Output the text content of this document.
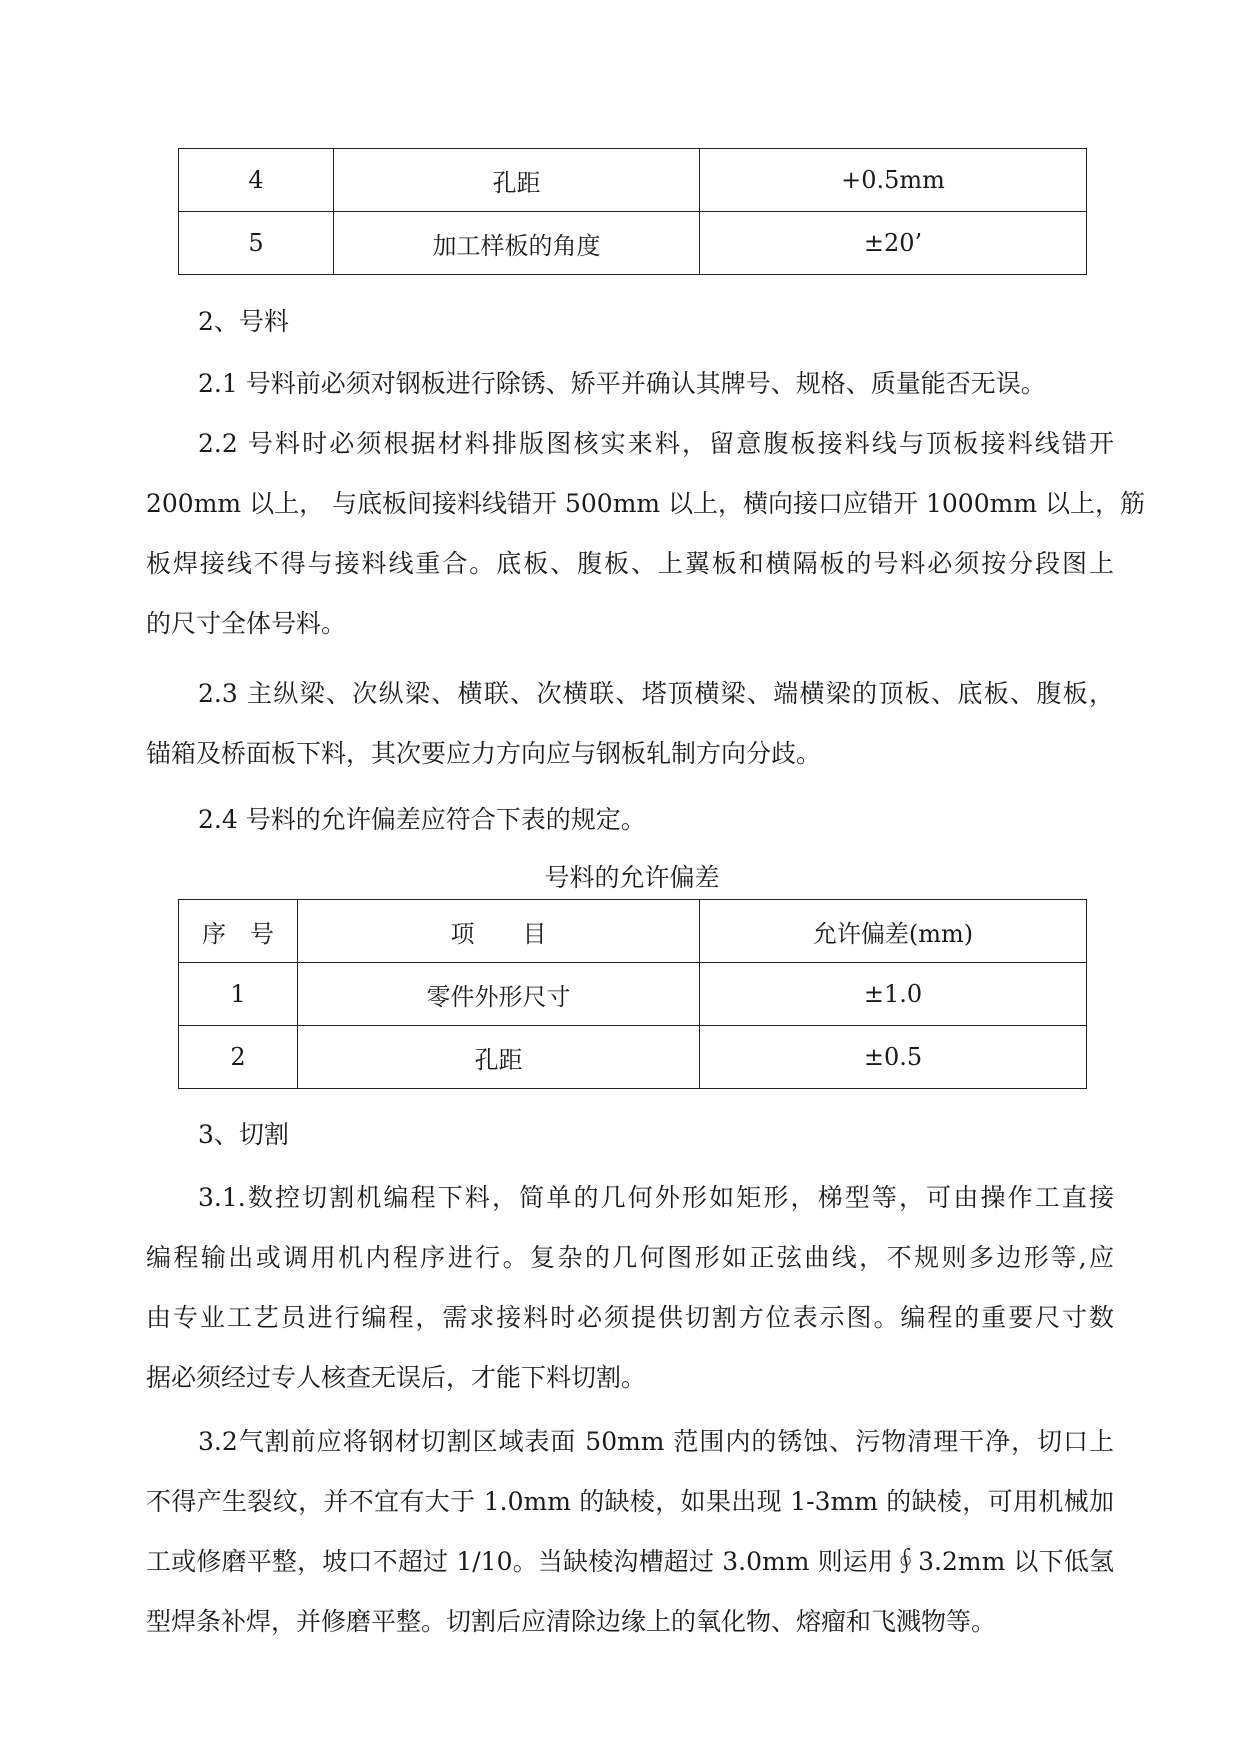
4	孔距	+0.5mm
5	加工样板的角度	±20’
2、号料
2.1 号料前必须对钢板进行除锈、矫平并确认其牌号、规格、质量能否无误。
2.2 号料时必须根据材料排版图核实来料，留意腹板接料线与顶板接料线错开
200mm 以上， 与底板间接料线错开 500mm 以上，横向接口应错开 1000mm 以上，筋
板焊接线不得与接料线重合。底板、腹板、上翼板和横隔板的号料必须按分段图上
的尺寸全体号料。
2.3 主纵梁、次纵梁、横联、次横联、塔顶横梁、端横梁的顶板、底板、腹板，
锚箱及桥面板下料，其次要应力方向应与钢板轧制方向分歧。
2.4 号料的允许偏差应符合下表的规定。
号料的允许偏差
序　号	项　　目	允许偏差(mm)
1	零件外形尺寸	±1.0
2	孔距	±0.5
3、切割
3.1.数控切割机编程下料，简单的几何外形如矩形，梯型等，可由操作工直接
编程输出或调用机内程序进行。复杂的几何图形如正弦曲线，不规则多边形等,应
由专业工艺员进行编程，需求接料时必须提供切割方位表示图。编程的重要尺寸数
据必须经过专人核查无误后，才能下料切割。
3.2气割前应将钢材切割区域表面 50mm 范围内的锈蚀、污物清理干净，切口上
不得产生裂纹，并不宜有大于 1.0mm 的缺棱，如果出现 1-3mm 的缺棱，可用机械加
工或修磨平整，坡口不超过 1/10。当缺棱沟槽超过 3.0mm 则运用∮3.2mm 以下低氢
型焊条补焊，并修磨平整。切割后应清除边缘上的氧化物、熔瘤和飞溅物等。
